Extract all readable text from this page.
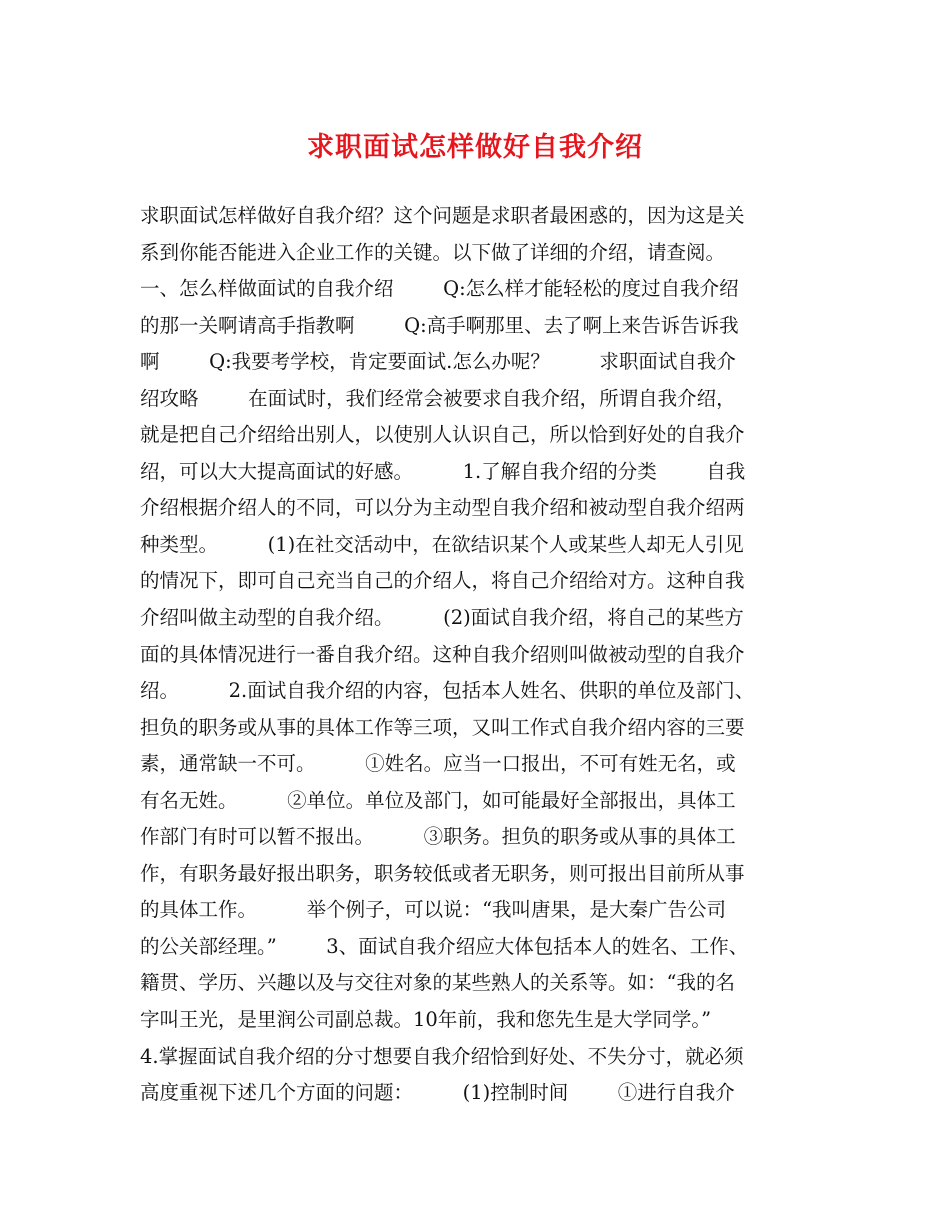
求职面试怎样做好自我介绍
求职面试怎样做好自我介绍？这个问题是求职者最困惑的，因为这是关
系到你能否能进入企业工作的关键。以下做了详细的介绍，请查阅。
一、怎么样做面试的自我介绍        Q:怎么样才能轻松的度过自我介绍
的那一关啊请高手指教啊        Q:高手啊那里、去了啊上来告诉告诉我
啊        Q:我要考学校，肯定要面试.怎么办呢？        求职面试自我介
绍攻略        在面试时，我们经常会被要求自我介绍，所谓自我介绍，
就是把自己介绍给出别人，以使别人认识自己，所以恰到好处的自我介
绍，可以大大提高面试的好感。        1.了解自我介绍的分类        自我
介绍根据介绍人的不同，可以分为主动型自我介绍和被动型自我介绍两
种类型。        (1)在社交活动中，在欲结识某个人或某些人却无人引见
的情况下，即可自己充当自己的介绍人，将自己介绍给对方。这种自我
介绍叫做主动型的自我介绍。        (2)面试自我介绍，将自己的某些方
面的具体情况进行一番自我介绍。这种自我介绍则叫做被动型的自我介
绍。        2.面试自我介绍的内容，包括本人姓名、供职的单位及部门、
担负的职务或从事的具体工作等三项，又叫工作式自我介绍内容的三要
素，通常缺一不可。        ①姓名。应当一口报出，不可有姓无名，或
有名无姓。        ②单位。单位及部门，如可能最好全部报出，具体工
作部门有时可以暂不报出。        ③职务。担负的职务或从事的具体工
作，有职务最好报出职务，职务较低或者无职务，则可报出目前所从事
的具体工作。        举个例子，可以说：“我叫唐果，是大秦广告公司
的公关部经理。”        3、面试自我介绍应大体包括本人的姓名、工作、
籍贯、学历、兴趣以及与交往对象的某些熟人的关系等。如：“我的名
字叫王光，是里润公司副总裁。10年前，我和您先生是大学同学。”
4.掌握面试自我介绍的分寸想要自我介绍恰到好处、不失分寸，就必须
高度重视下述几个方面的问题：        (1)控制时间        ①进行自我介
